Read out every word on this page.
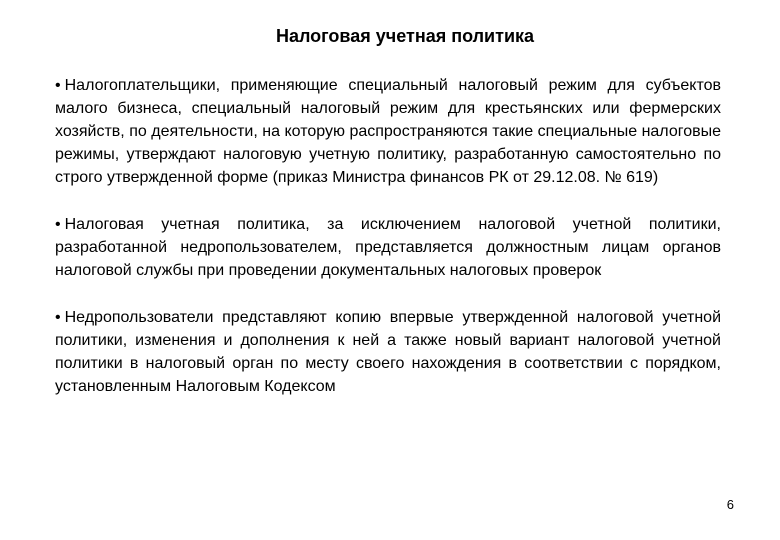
Налоговая учетная политика
• Налогоплательщики, применяющие специальный налоговый режим для субъектов малого бизнеса, специальный налоговый режим для крестьянских или фермерских хозяйств, по деятельности, на которую распространяются такие специальные налоговые режимы, утверждают налоговую учетную политику, разработанную самостоятельно по строго утвержденной форме (приказ Министра финансов РК от 29.12.08. № 619)
• Налоговая учетная политика, за исключением налоговой учетной политики, разработанной недропользователем, представляется должностным лицам органов налоговой службы при проведении документальных налоговых проверок
• Недропользователи представляют копию впервые утвержденной налоговой учетной политики, изменения и дополнения к ней а также новый вариант налоговой учетной политики в налоговый орган по месту своего нахождения в соответствии с порядком, установленным Налоговым Кодексом
6
